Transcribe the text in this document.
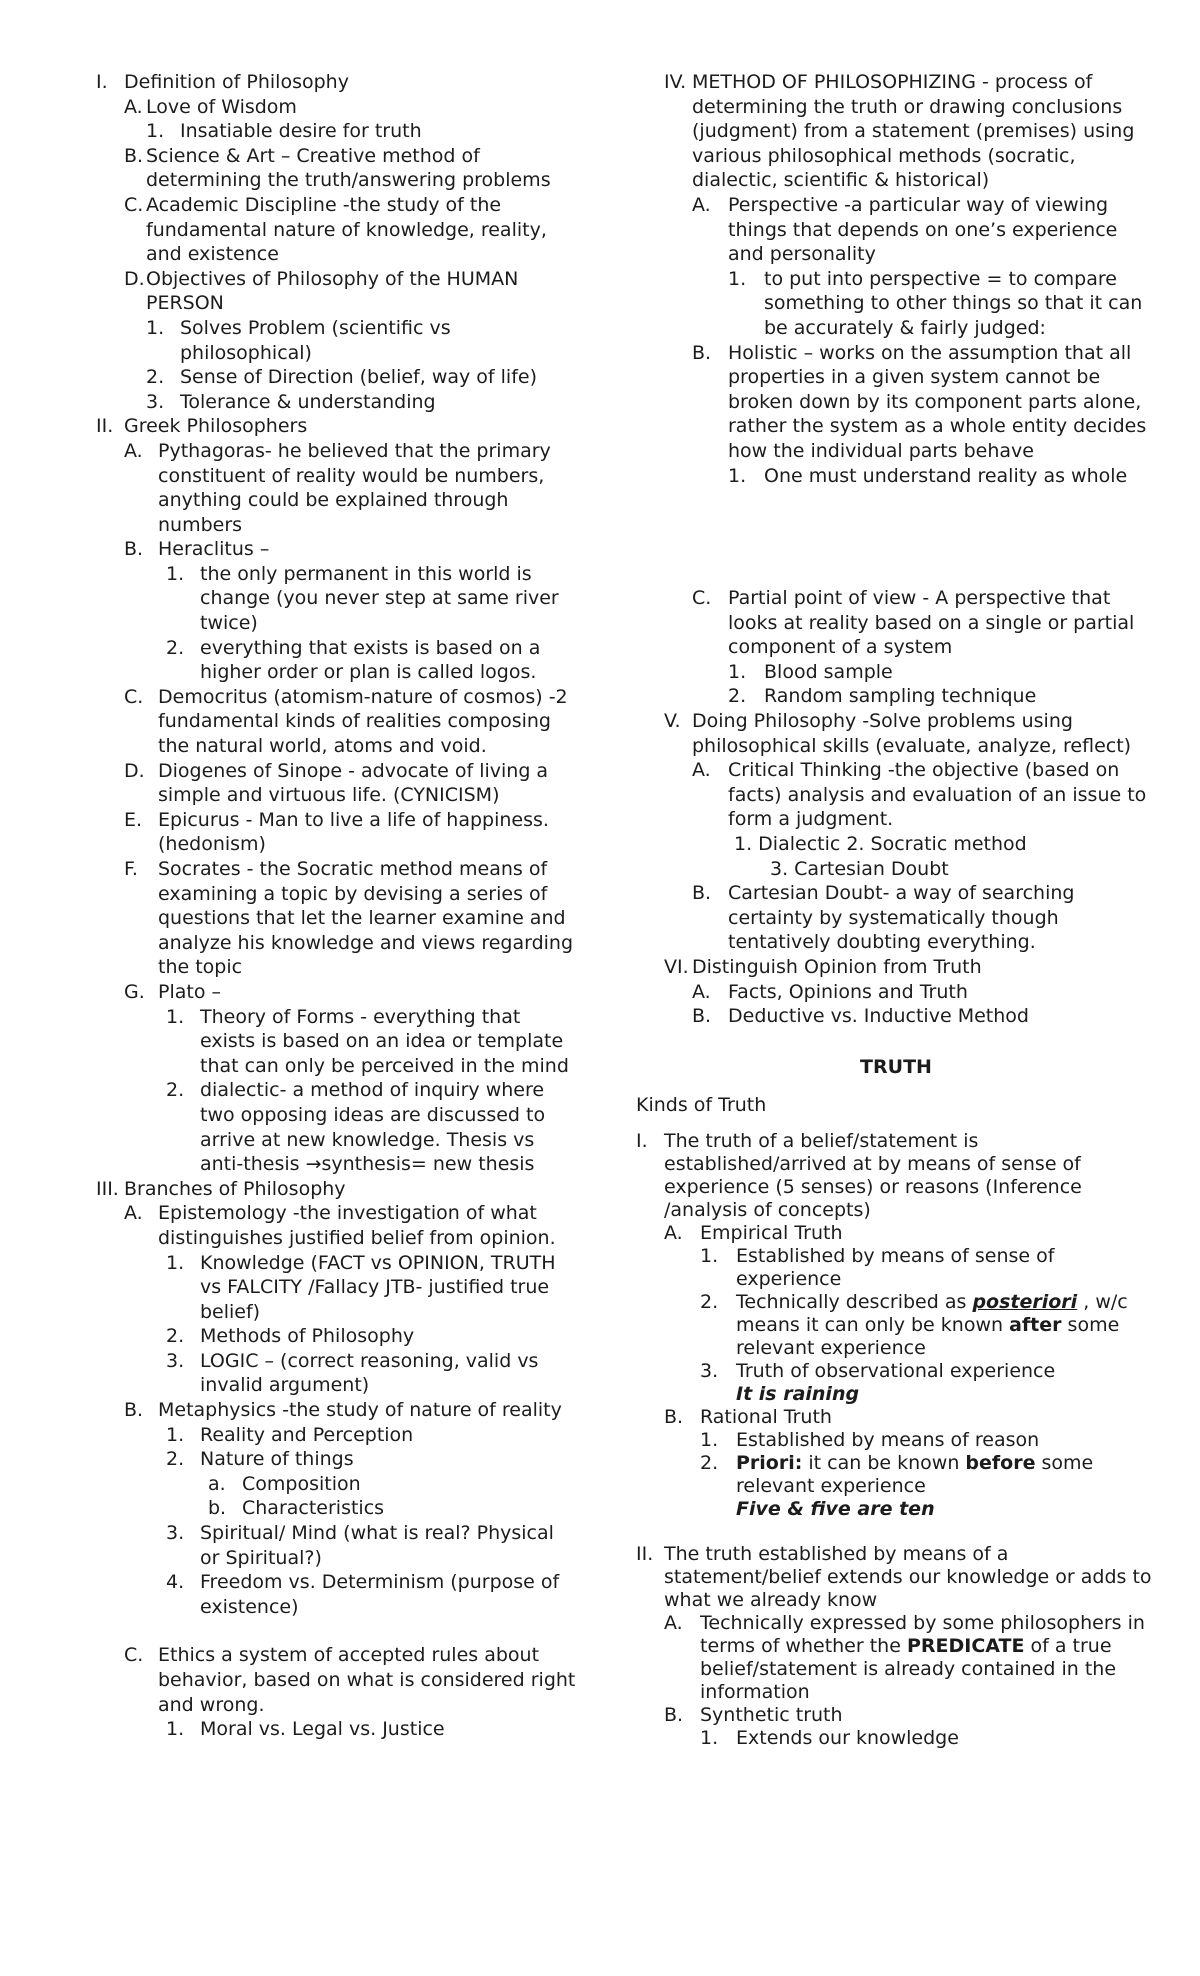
I. Definition of Philosophy
A. Love of Wisdom
1. Insatiable desire for truth
B. Science & Art – Creative method of determining the truth/answering problems
C. Academic Discipline -the study of the fundamental nature of knowledge, reality, and existence
D. Objectives of Philosophy of the HUMAN PERSON
1. Solves Problem (scientific vs philosophical)
2. Sense of Direction (belief, way of life)
3. Tolerance & understanding
II. Greek Philosophers
A. Pythagoras- he believed that the primary constituent of reality would be numbers, anything could be explained through numbers
B. Heraclitus –
1. the only permanent in this world is change (you never step at same river twice)
2. everything that exists is based on a higher order or plan is called logos.
C. Democritus (atomism-nature of cosmos) -2 fundamental kinds of realities composing the natural world, atoms and void.
D. Diogenes of Sinope - advocate of living a simple and virtuous life. (CYNICISM)
E. Epicurus - Man to live a life of happiness. (hedonism)
F. Socrates - the Socratic method means of examining a topic by devising a series of questions that let the learner examine and analyze his knowledge and views regarding the topic
G. Plato –
1. Theory of Forms - everything that exists is based on an idea or template that can only be perceived in the mind
2. dialectic- a method of inquiry where two opposing ideas are discussed to arrive at new knowledge. Thesis vs anti-thesis →synthesis= new thesis
III. Branches of Philosophy
A. Epistemology -the investigation of what distinguishes justified belief from opinion.
1. Knowledge (FACT vs OPINION, TRUTH vs FALCITY /Fallacy JTB- justified true belief)
2. Methods of Philosophy
3. LOGIC – (correct reasoning, valid vs invalid argument)
B. Metaphysics -the study of nature of reality
1. Reality and Perception
2. Nature of things
a. Composition
b. Characteristics
3. Spiritual/ Mind (what is real? Physical or Spiritual?)
4. Freedom vs. Determinism (purpose of existence)
C. Ethics a system of accepted rules about behavior, based on what is considered right and wrong.
1. Moral vs. Legal vs. Justice
IV. METHOD OF PHILOSOPHIZING - process of determining the truth or drawing conclusions (judgment) from a statement (premises) using various philosophical methods (socratic, dialectic, scientific & historical)
A. Perspective -a particular way of viewing things that depends on one’s experience and personality
1. to put into perspective = to compare something to other things so that it can be accurately & fairly judged:
B. Holistic – works on the assumption that all properties in a given system cannot be broken down by its component parts alone, rather the system as a whole entity decides how the individual parts behave
1. One must understand reality as whole
C. Partial point of view - A perspective that looks at reality based on a single or partial component of a system
1. Blood sample
2. Random sampling technique
V. Doing Philosophy -Solve problems using philosophical skills (evaluate, analyze, reflect)
A. Critical Thinking -the objective (based on facts) analysis and evaluation of an issue to form a judgment.
1. Dialectic 2. Socratic method
3. Cartesian Doubt
B. Cartesian Doubt- a way of searching certainty by systematically though tentatively doubting everything.
VI. Distinguish Opinion from Truth
A. Facts, Opinions and Truth
B. Deductive vs. Inductive Method
TRUTH
Kinds of Truth
I. The truth of a belief/statement is established/arrived at by means of sense of experience (5 senses) or reasons (Inference /analysis of concepts)
A. Empirical Truth
1. Established by means of sense of experience
2. Technically described as posteriori , w/c means it can only be known after some relevant experience
3. Truth of observational experience
It is raining
B. Rational Truth
1. Established by means of reason
2. Priori: it can be known before some relevant experience
Five & five are ten
II. The truth established by means of a statement/belief extends our knowledge or adds to what we already know
A. Technically expressed by some philosophers in terms of whether the PREDICATE of a true belief/statement is already contained in the information
B. Synthetic truth
1. Extends our knowledge
